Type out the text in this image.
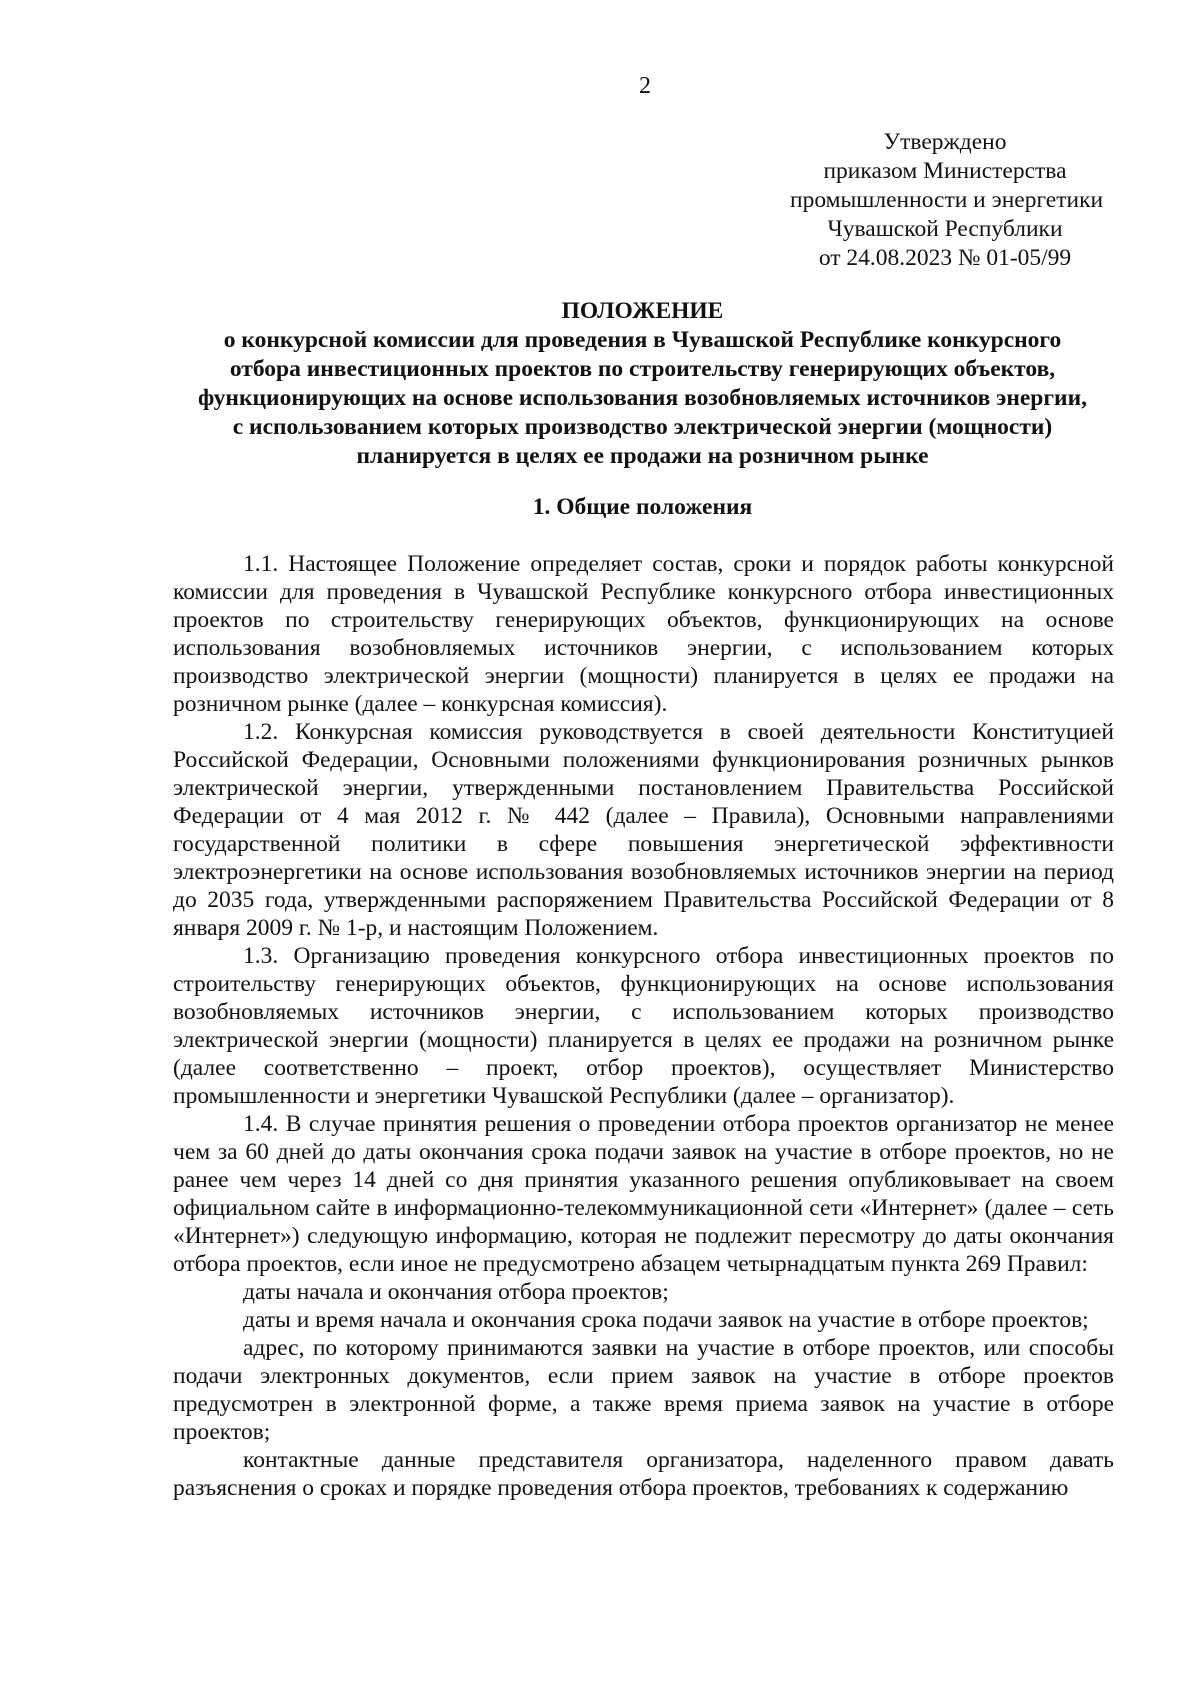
2
Утверждено
приказом Министерства
промышленности и энергетики
Чувашской Республики
от 24.08.2023 № 01-05/99
ПОЛОЖЕНИЕ
о конкурсной комиссии для проведения в Чувашской Республике конкурсного
отбора инвестиционных проектов по строительству генерирующих объектов,
функционирующих на основе использования возобновляемых источников энергии,
с использованием которых производство электрической энергии (мощности)
планируется в целях ее продажи на розничном рынке
1. Общие положения

1.1. Настоящее Положение определяет состав, сроки и порядок работы конкурсной комиссии для проведения в Чувашской Республике конкурсного отбора инвестиционных проектов по строительству генерирующих объектов, функционирующих на основе использования возобновляемых источников энергии, с использованием которых производство электрической энергии (мощности) планируется в целях ее продажи на розничном рынке (далее – конкурсная комиссия).

1.2. Конкурсная комиссия руководствуется в своей деятельности Конституцией Российской Федерации, Основными положениями функционирования розничных рынков электрической энергии, утвержденными постановлением Правительства Российской Федерации от 4 мая 2012 г. № 442 (далее – Правила), Основными направлениями государственной политики в сфере повышения энергетической эффективности электроэнергетики на основе использования возобновляемых источников энергии на период до 2035 года, утвержденными распоряжением Правительства Российской Федерации от 8 января 2009 г. № 1-р, и настоящим Положением.

1.3. Организацию проведения конкурсного отбора инвестиционных проектов по строительству генерирующих объектов, функционирующих на основе использования возобновляемых источников энергии, с использованием которых производство электрической энергии (мощности) планируется в целях ее продажи на розничном рынке (далее соответственно – проект, отбор проектов), осуществляет Министерство промышленности и энергетики Чувашской Республики (далее – организатор).

1.4. В случае принятия решения о проведении отбора проектов организатор не менее чем за 60 дней до даты окончания срока подачи заявок на участие в отборе проектов, но не ранее чем через 14 дней со дня принятия указанного решения опубликовывает на своем официальном сайте в информационно-телекоммуникационной сети «Интернет» (далее – сеть «Интернет») следующую информацию, которая не подлежит пересмотру до даты окончания отбора проектов, если иное не предусмотрено абзацем четырнадцатым пункта 269 Правил:

даты начала и окончания отбора проектов;

даты и время начала и окончания срока подачи заявок на участие в отборе проектов;

адрес, по которому принимаются заявки на участие в отборе проектов, или способы подачи электронных документов, если прием заявок на участие в отборе проектов предусмотрен в электронной форме, а также время приема заявок на участие в отборе проектов;

контактные данные представителя организатора, наделенного правом давать разъяснения о сроках и порядке проведения отбора проектов, требованиях к содержанию
